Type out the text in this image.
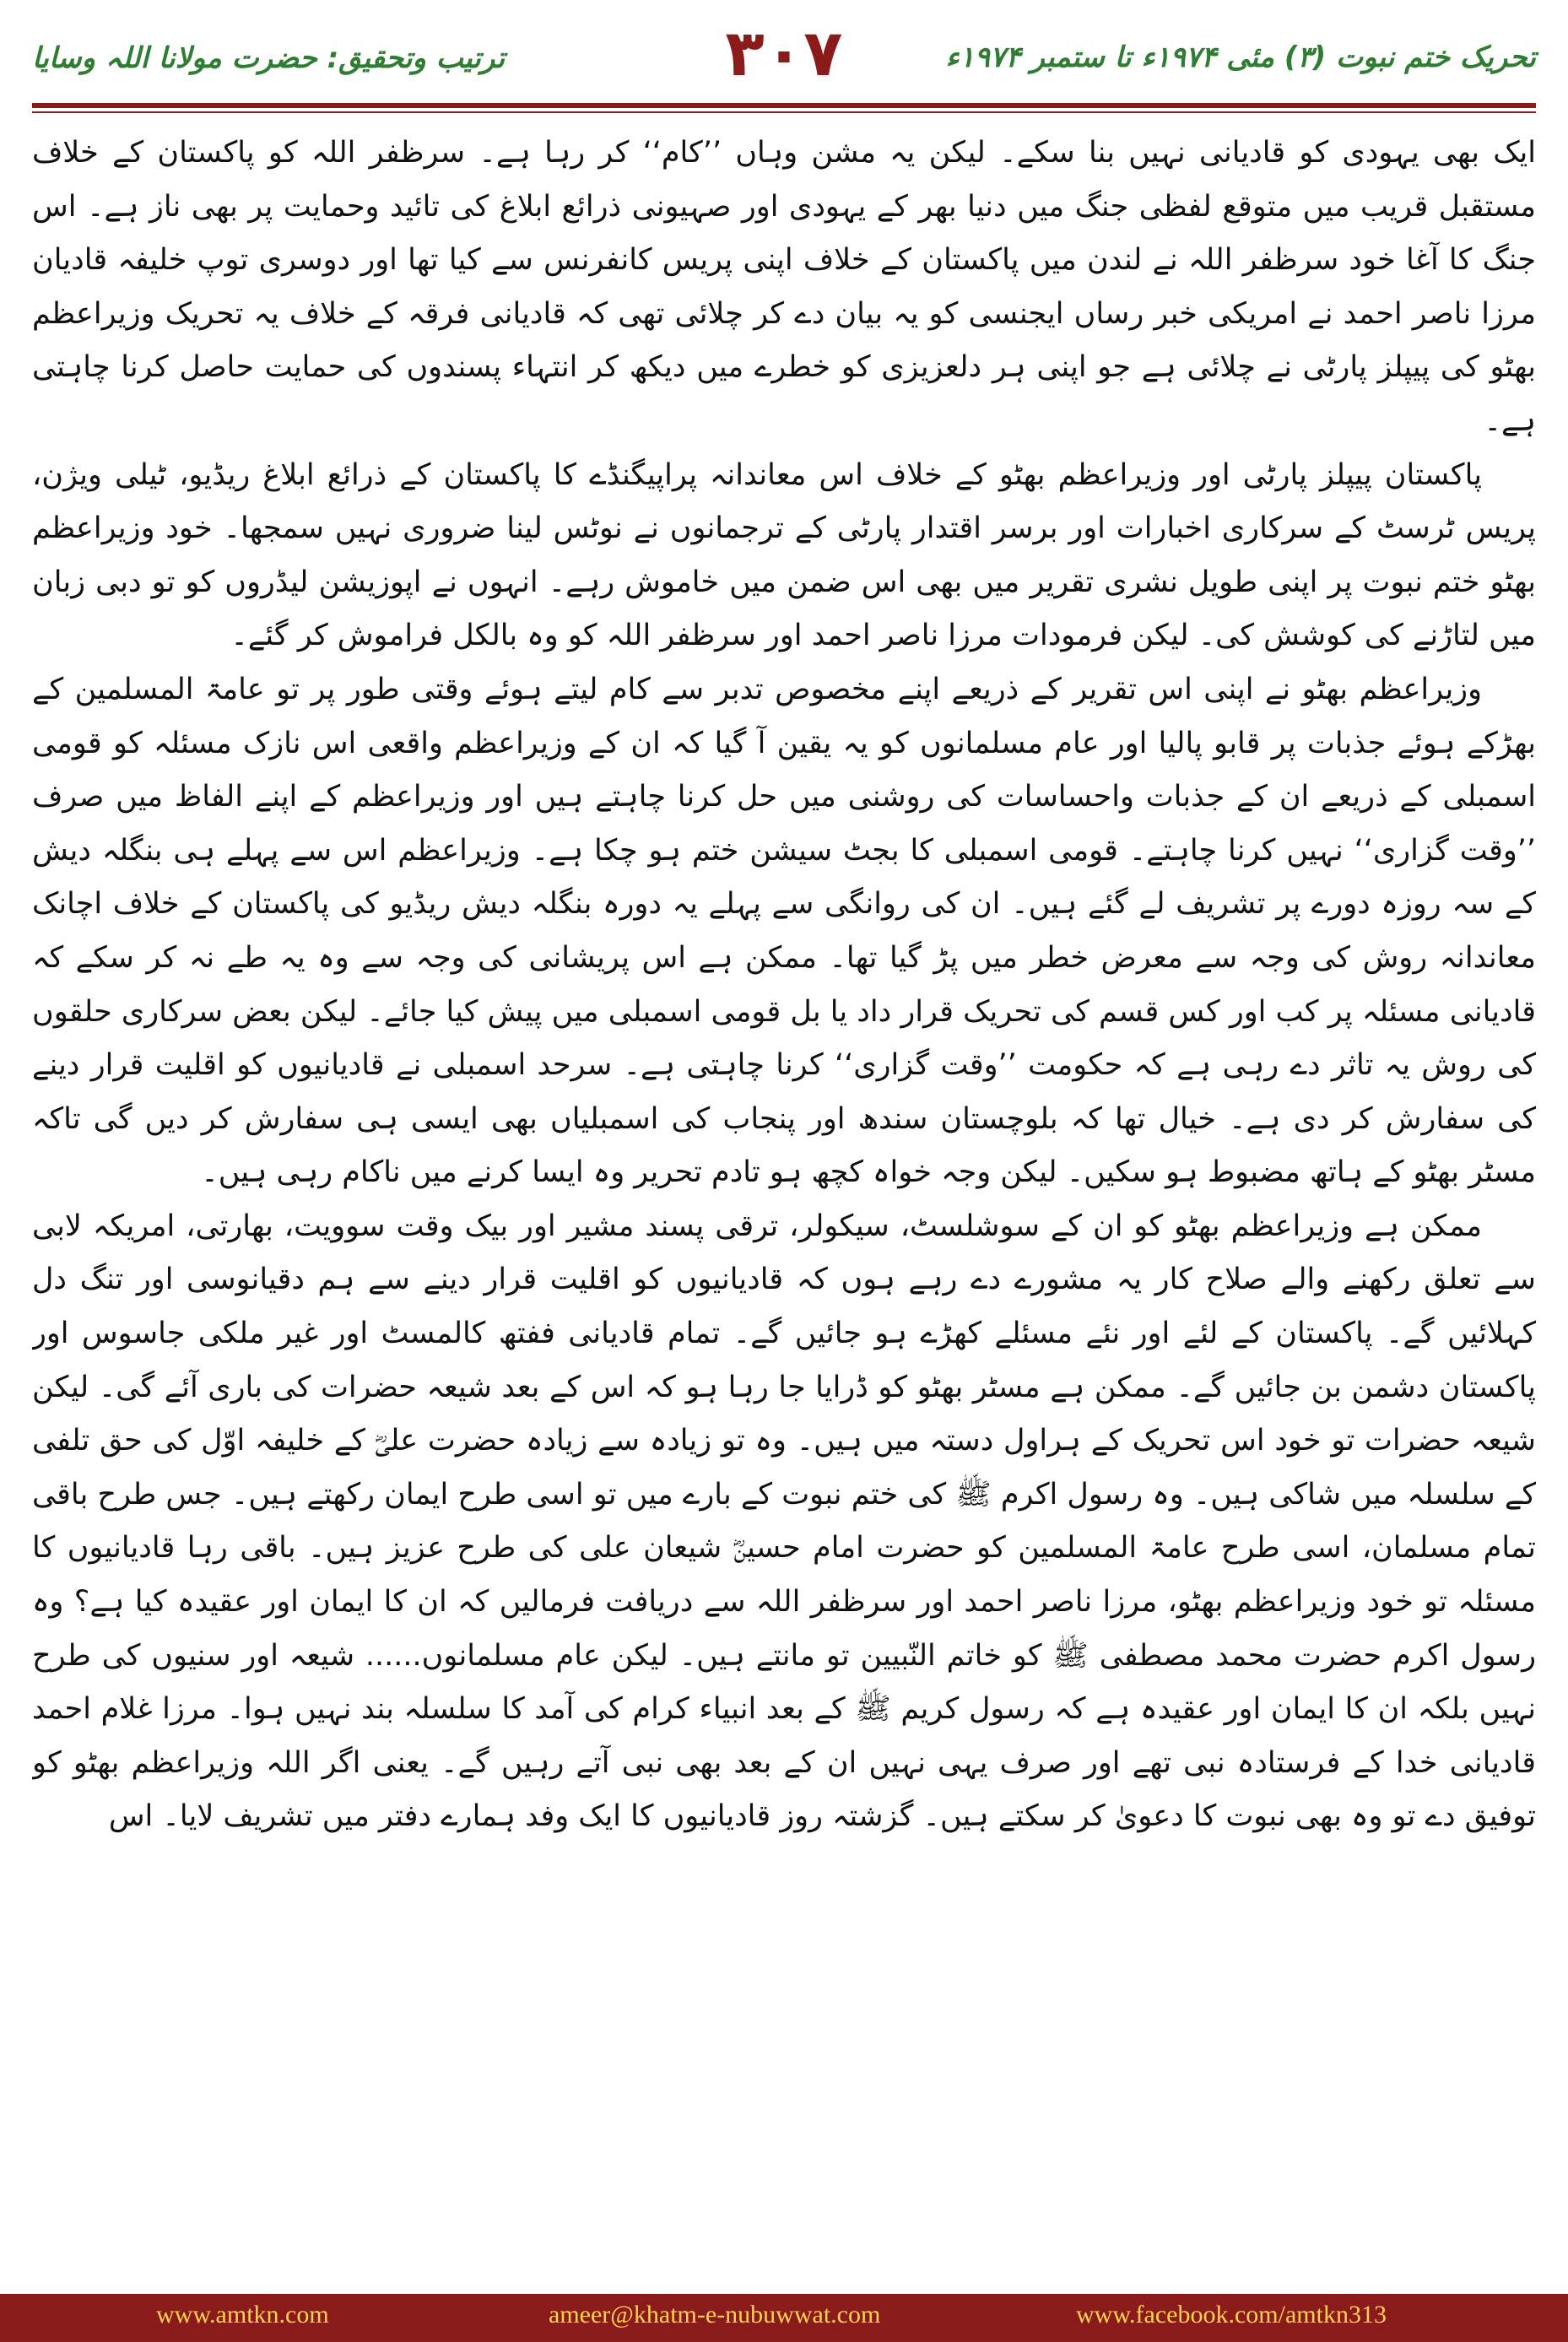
تحریک ختم نبوت (۳) مئی ۱۹۷۴ء تا ستمبر ۱۹۷۴ء
۳۰۷
ترتیب وتحقیق: حضرت مولانا اللہ وسایا

ایک بھی یہودی کو قادیانی نہیں بنا سکے۔ لیکن یہ مشن وہاں ’’کام‘‘ کر رہا ہے۔ سرظفر اللہ کو پاکستان کے خلاف مستقبل قریب میں متوقع لفظی جنگ میں دنیا بھر کے یہودی اور صہیونی ذرائع ابلاغ کی تائید وحمایت پر بھی ناز ہے۔ اس جنگ کا آغا خود سرظفر اللہ نے لندن میں پاکستان کے خلاف اپنی پریس کانفرنس سے کیا تھا اور دوسری توپ خلیفہ قادیان مرزا ناصر احمد نے امریکی خبر رساں ایجنسی کو یہ بیان دے کر چلائی تھی کہ قادیانی فرقہ کے خلاف یہ تحریک وزیراعظم بھٹو کی پیپلز پارٹی نے چلائی ہے جو اپنی ہر دلعزیزی کو خطرے میں دیکھ کر انتہاء پسندوں کی حمایت حاصل کرنا چاہتی ہے۔

پاکستان پیپلز پارٹی اور وزیراعظم بھٹو کے خلاف اس معاندانہ پراپیگنڈے کا پاکستان کے ذرائع ابلاغ ریڈیو، ٹیلی ویژن، پریس ٹرسٹ کے سرکاری اخبارات اور برسر اقتدار پارٹی کے ترجمانوں نے نوٹس لینا ضروری نہیں سمجھا۔ خود وزیراعظم بھٹو ختم نبوت پر اپنی طویل نشری تقریر میں بھی اس ضمن میں خاموش رہے۔ انہوں نے اپوزیشن لیڈروں کو تو دبی زبان میں لتاڑنے کی کوشش کی۔ لیکن فرمودات مرزا ناصر احمد اور سرظفر اللہ کو وہ بالکل فراموش کر گئے۔

وزیراعظم بھٹو نے اپنی اس تقریر کے ذریعے اپنے مخصوص تدبر سے کام لیتے ہوئے وقتی طور پر تو عامۃ المسلمین کے بھڑکے ہوئے جذبات پر قابو پالیا اور عام مسلمانوں کو یہ یقین آ گیا کہ ان کے وزیراعظم واقعی اس نازک مسئلہ کو قومی اسمبلی کے ذریعے ان کے جذبات واحساسات کی روشنی میں حل کرنا چاہتے ہیں اور وزیراعظم کے اپنے الفاظ میں صرف ’’وقت گزاری‘‘ نہیں کرنا چاہتے۔ قومی اسمبلی کا بجٹ سیشن ختم ہو چکا ہے۔ وزیراعظم اس سے پہلے ہی بنگلہ دیش کے سہ روزہ دورے پر تشریف لے گئے ہیں۔ ان کی روانگی سے پہلے یہ دورہ بنگلہ دیش ریڈیو کی پاکستان کے خلاف اچانک معاندانہ روش کی وجہ سے معرض خطر میں پڑ گیا تھا۔ ممکن ہے اس پریشانی کی وجہ سے وہ یہ طے نہ کر سکے کہ قادیانی مسئلہ پر کب اور کس قسم کی تحریک قرار داد یا بل قومی اسمبلی میں پیش کیا جائے۔ لیکن بعض سرکاری حلقوں کی روش یہ تاثر دے رہی ہے کہ حکومت ’’وقت گزاری‘‘ کرنا چاہتی ہے۔ سرحد اسمبلی نے قادیانیوں کو اقلیت قرار دینے کی سفارش کر دی ہے۔ خیال تھا کہ بلوچستان سندھ اور پنجاب کی اسمبلیاں بھی ایسی ہی سفارش کر دیں گی تاکہ مسٹر بھٹو کے ہاتھ مضبوط ہو سکیں۔ لیکن وجہ خواہ کچھ ہو تادم تحریر وہ ایسا کرنے میں ناکام رہی ہیں۔

ممکن ہے وزیراعظم بھٹو کو ان کے سوشلسٹ، سیکولر، ترقی پسند مشیر اور بیک وقت سوویت، بھارتی، امریکہ لابی سے تعلق رکھنے والے صلاح کار یہ مشورے دے رہے ہوں کہ قادیانیوں کو اقلیت قرار دینے سے ہم دقیانوسی اور تنگ دل کہلائیں گے۔ پاکستان کے لئے اور نئے مسئلے کھڑے ہو جائیں گے۔ تمام قادیانی ففتھ کالمسٹ اور غیر ملکی جاسوس اور پاکستان دشمن بن جائیں گے۔ ممکن ہے مسٹر بھٹو کو ڈرایا جا رہا ہو کہ اس کے بعد شیعہ حضرات کی باری آئے گی۔ لیکن شیعہ حضرات تو خود اس تحریک کے ہراول دستہ میں ہیں۔ وہ تو زیادہ سے زیادہ حضرت علیؓ کے خلیفہ اوّل کی حق تلفی کے سلسلہ میں شاکی ہیں۔ وہ رسول اکرم ﷺ کی ختم نبوت کے بارے میں تو اسی طرح ایمان رکھتے ہیں۔ جس طرح باقی تمام مسلمان، اسی طرح عامۃ المسلمین کو حضرت امام حسینؓ شیعان علی کی طرح عزیز ہیں۔ باقی رہا قادیانیوں کا مسئلہ تو خود وزیراعظم بھٹو، مرزا ناصر احمد اور سرظفر اللہ سے دریافت فرمالیں کہ ان کا ایمان اور عقیدہ کیا ہے؟ وہ رسول اکرم حضرت محمد مصطفی ﷺ کو خاتم النّبیین تو مانتے ہیں۔ لیکن عام مسلمانوں...... شیعہ اور سنیوں کی طرح نہیں بلکہ ان کا ایمان اور عقیدہ ہے کہ رسول کریم ﷺ کے بعد انبیاء کرام کی آمد کا سلسلہ بند نہیں ہوا۔ مرزا غلام احمد قادیانی خدا کے فرستادہ نبی تھے اور صرف یہی نہیں ان کے بعد بھی نبی آتے رہیں گے۔ یعنی اگر اللہ وزیراعظم بھٹو کو توفیق دے تو وہ بھی نبوت کا دعویٰ کر سکتے ہیں۔ گزشتہ روز قادیانیوں کا ایک وفد ہمارے دفتر میں تشریف لایا۔ اس

www.amtkn.com	ameer@khatm-e-nubuwwat.com	www.facebook.com/amtkn313
